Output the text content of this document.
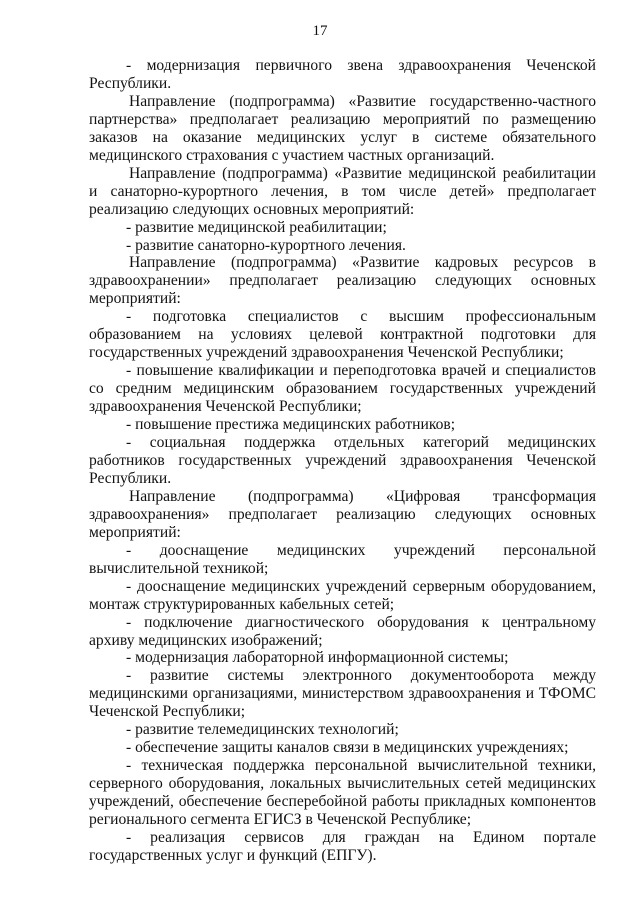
17

- модернизация первичного звена здравоохранения Чеченской Республики.

Направление (подпрограмма) «Развитие государственно-частного партнерства» предполагает реализацию мероприятий по размещению заказов на оказание медицинских услуг в системе обязательного медицинского страхования с участием частных организаций.

Направление (подпрограмма) «Развитие медицинской реабилитации и санаторно-курортного лечения, в том числе детей» предполагает реализацию следующих основных мероприятий:

- развитие медицинской реабилитации;

- развитие санаторно-курортного лечения.

Направление (подпрограмма) «Развитие кадровых ресурсов в здравоохранении» предполагает реализацию следующих основных мероприятий:

- подготовка специалистов с высшим профессиональным образованием на условиях целевой контрактной подготовки для государственных учреждений здравоохранения Чеченской Республики;

- повышение квалификации и переподготовка врачей и специалистов со средним медицинским образованием государственных учреждений здравоохранения Чеченской Республики;

- повышение престижа медицинских работников;

- социальная поддержка отдельных категорий медицинских работников государственных учреждений здравоохранения Чеченской Республики.

Направление (подпрограмма) «Цифровая трансформация здравоохранения» предполагает реализацию следующих основных мероприятий:

- дооснащение медицинских учреждений персональной вычислительной техникой;

- дооснащение медицинских учреждений серверным оборудованием, монтаж структурированных кабельных сетей;

- подключение диагностического оборудования к центральному архиву медицинских изображений;

- модернизация лабораторной информационной системы;

- развитие системы электронного документооборота между медицинскими организациями, министерством здравоохранения и ТФОМС Чеченской Республики;

- развитие телемедицинских технологий;

- обеспечение защиты каналов связи в медицинских учреждениях;

- техническая поддержка персональной вычислительной техники, серверного оборудования, локальных вычислительных сетей медицинских учреждений, обеспечение бесперебойной работы прикладных компонентов регионального сегмента ЕГИСЗ в Чеченской Республике;

- реализация сервисов для граждан на Едином портале государственных услуг и функций (ЕПГУ).
